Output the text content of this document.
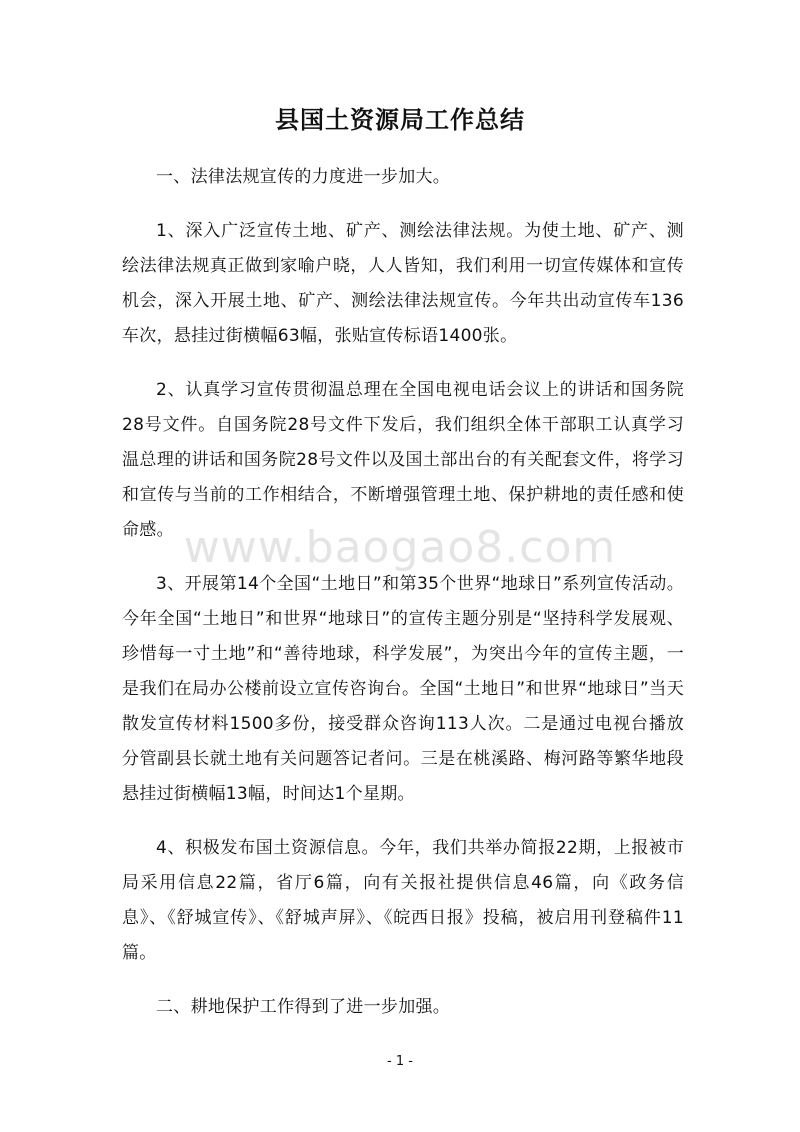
县国土资源局工作总结

一、法律法规宣传的力度进一步加大。

1、深入广泛宣传土地、矿产、测绘法律法规。为使土地、矿产、测绘法律法规真正做到家喻户晓，人人皆知，我们利用一切宣传媒体和宣传机会，深入开展土地、矿产、测绘法律法规宣传。今年共出动宣传车136车次，悬挂过街横幅63幅，张贴宣传标语1400张。

2、认真学习宣传贯彻温总理在全国电视电话会议上的讲话和国务院28号文件。自国务院28号文件下发后，我们组织全体干部职工认真学习温总理的讲话和国务院28号文件以及国土部出台的有关配套文件，将学习和宣传与当前的工作相结合，不断增强管理土地、保护耕地的责任感和使命感。

3、开展第14个全国“土地日”和第35个世界“地球日”系列宣传活动。今年全国“土地日”和世界“地球日”的宣传主题分别是“坚持科学发展观、珍惜每一寸土地”和“善待地球，科学发展”，为突出今年的宣传主题，一是我们在局办公楼前设立宣传咨询台。全国“土地日”和世界“地球日”当天散发宣传材料1500多份，接受群众咨询113人次。二是通过电视台播放分管副县长就土地有关问题答记者问。三是在桃溪路、梅河路等繁华地段悬挂过街横幅13幅，时间达1个星期。

4、积极发布国土资源信息。今年，我们共举办简报22期，上报被市局采用信息22篇，省厅6篇，向有关报社提供信息46篇，向《政务信息》、《舒城宣传》、《舒城声屏》、《皖西日报》投稿，被启用刊登稿件11篇。

二、耕地保护工作得到了进一步加强。

www.baogao8.com
- 1 -
